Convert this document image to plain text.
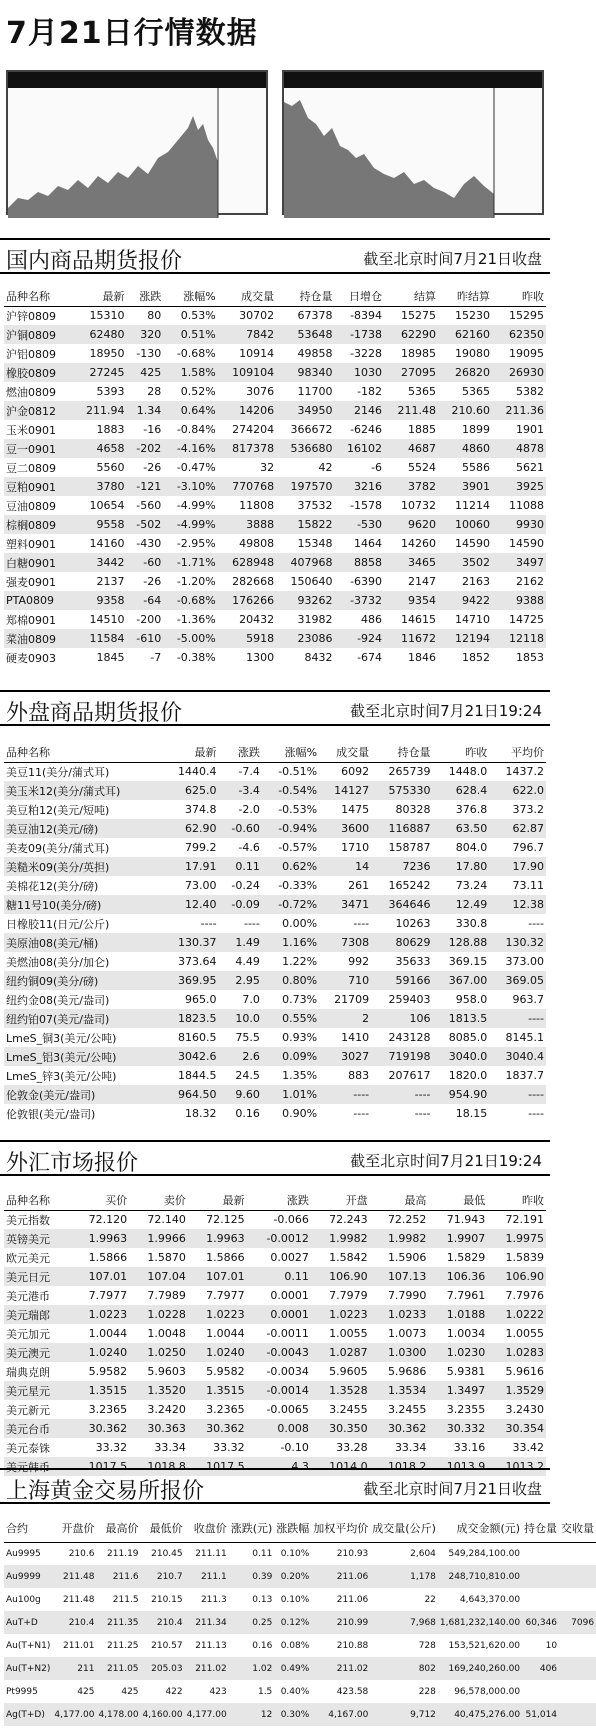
7月21日行情数据
国内商品期货报价	截至北京时间7月21日收盘
品种名称	最新	涨跌	涨幅%	成交量	持仓量	日增仓	结算	昨结算	昨收
沪锌0809	15310	80	0.53%	30702	67378	-8394	15275	15230	15295
沪铜0809	62480	320	0.51%	7842	53648	-1738	62290	62160	62350
沪铝0809	18950	-130	-0.68%	10914	49858	-3228	18985	19080	19095
橡胶0809	27245	425	1.58%	109104	98340	1030	27095	26820	26930
燃油0809	5393	28	0.52%	3076	11700	-182	5365	5365	5382
沪金0812	211.94	1.34	0.64%	14206	34950	2146	211.48	210.60	211.36
玉米0901	1883	-16	-0.84%	274204	366672	-6246	1885	1899	1901
豆一0901	4658	-202	-4.16%	817378	536680	16102	4687	4860	4878
豆二0809	5560	-26	-0.47%	32	42	-6	5524	5586	5621
豆粕0901	3780	-121	-3.10%	770768	197570	3216	3782	3901	3925
豆油0809	10654	-560	-4.99%	11808	37532	-1578	10732	11214	11088
棕榈0809	9558	-502	-4.99%	3888	15822	-530	9620	10060	9930
塑料0901	14160	-430	-2.95%	49808	15348	1464	14260	14590	14590
白糖0901	3442	-60	-1.71%	628948	407968	8858	3465	3502	3497
强麦0901	2137	-26	-1.20%	282668	150640	-6390	2147	2163	2162
PTA0809	9358	-64	-0.68%	176266	93262	-3732	9354	9422	9388
郑棉0901	14510	-200	-1.36%	20432	31982	486	14615	14710	14725
菜油0809	11584	-610	-5.00%	5918	23086	-924	11672	12194	12118
硬麦0903	1845	-7	-0.38%	1300	8432	-674	1846	1852	1853
外盘商品期货报价	截至北京时间7月21日19:24
品种名称	最新	涨跌	涨幅%	成交量	持仓量	昨收	平均价
美豆11(美分/蒲式耳)	1440.4	-7.4	-0.51%	6092	265739	1448.0	1437.2
美玉米12(美分/蒲式耳)	625.0	-3.4	-0.54%	14127	575330	628.4	622.0
美豆粕12(美元/短吨)	374.8	-2.0	-0.53%	1475	80328	376.8	373.2
美豆油12(美元/磅)	62.90	-0.60	-0.94%	3600	116887	63.50	62.87
美麦09(美分/蒲式耳)	799.2	-4.6	-0.57%	1710	158787	804.0	796.7
美糙米09(美分/英担)	17.91	0.11	0.62%	14	7236	17.80	17.90
美棉花12(美分/磅)	73.00	-0.24	-0.33%	261	165242	73.24	73.11
糖11号10(美分/磅)	12.40	-0.09	-0.72%	3471	364646	12.49	12.38
日橡胶11(日元/公斤)	----	----	0.00%	----	10263	330.8	----
美原油08(美元/桶)	130.37	1.49	1.16%	7308	80629	128.88	130.32
美燃油08(美分/加仑)	373.64	4.49	1.22%	992	35633	369.15	373.00
纽约铜09(美分/磅)	369.95	2.95	0.80%	710	59166	367.00	369.05
纽约金08(美元/盎司)	965.0	7.0	0.73%	21709	259403	958.0	963.7
纽约铂07(美元/盎司)	1823.5	10.0	0.55%	2	106	1813.5	----
LmeS_铜3(美元/公吨)	8160.5	75.5	0.93%	1410	243128	8085.0	8145.1
LmeS_铝3(美元/公吨)	3042.6	2.6	0.09%	3027	719198	3040.0	3040.4
LmeS_锌3(美元/公吨)	1844.5	24.5	1.35%	883	207617	1820.0	1837.7
伦敦金(美元/盎司)	964.50	9.60	1.01%	----	----	954.90	----
伦敦银(美元/盎司)	18.32	0.16	0.90%	----	----	18.15	----
外汇市场报价	截至北京时间7月21日19:24
品种名称	买价	卖价	最新	涨跌	开盘	最高	最低	昨收
美元指数	72.120	72.140	72.125	-0.066	72.243	72.252	71.943	72.191
英镑美元	1.9963	1.9966	1.9963	-0.0012	1.9982	1.9982	1.9907	1.9975
欧元美元	1.5866	1.5870	1.5866	0.0027	1.5842	1.5906	1.5829	1.5839
美元日元	107.01	107.04	107.01	0.11	106.90	107.13	106.36	106.90
美元港币	7.7977	7.7989	7.7977	0.0001	7.7979	7.7990	7.7961	7.7976
美元瑞郎	1.0223	1.0228	1.0223	0.0001	1.0223	1.0233	1.0188	1.0222
美元加元	1.0044	1.0048	1.0044	-0.0011	1.0055	1.0073	1.0034	1.0055
美元澳元	1.0240	1.0250	1.0240	-0.0043	1.0287	1.0300	1.0230	1.0283
瑞典克朗	5.9582	5.9603	5.9582	-0.0034	5.9605	5.9686	5.9381	5.9616
美元星元	1.3515	1.3520	1.3515	-0.0014	1.3528	1.3534	1.3497	1.3529
美元新元	3.2365	3.2420	3.2365	-0.0065	3.2455	3.2455	3.2355	3.2430
美元台币	30.362	30.363	30.362	0.008	30.350	30.362	30.332	30.354
美元泰铢	33.32	33.34	33.32	-0.10	33.28	33.34	33.16	33.42
美元韩币	1017.5	1018.8	1017.5	4.3	1014.0	1018.2	1013.9	1013.2
上海黄金交易所报价	截至北京时间7月21日收盘
合约	开盘价	最高价	最低价	收盘价	涨跌(元)	涨跌幅	加权平均价	成交量(公斤)	成交金额(元)	持仓量	交收量
Au9995	210.6	211.19	210.45	211.11	0.11	0.10%	210.93	2,604	549,284,100.00		
Au9999	211.48	211.6	210.7	211.1	0.39	0.20%	211.06	1,178	248,710,810.00		
Au100g	211.48	211.5	210.15	211.3	0.13	0.10%	211.06	22	4,643,370.00		
AuT+D	210.4	211.35	210.4	211.34	0.25	0.12%	210.99	7,968	1,681,232,140.00	60,346	7096
Au(T+N1)	211.01	211.25	210.57	211.13	0.16	0.08%	210.88	728	153,521,620.00	10	
Au(T+N2)	211	211.05	205.03	211.02	1.02	0.49%	211.02	802	169,240,260.00	406	
Pt9995	425	425	422	423	1.5	0.40%	423.58	228	96,578,000.00		
Ag(T+D)	4,177.00	4,178.00	4,160.00	4,177.00	12	0.30%	4,167.00	9,712	40,475,276.00	51,014	
